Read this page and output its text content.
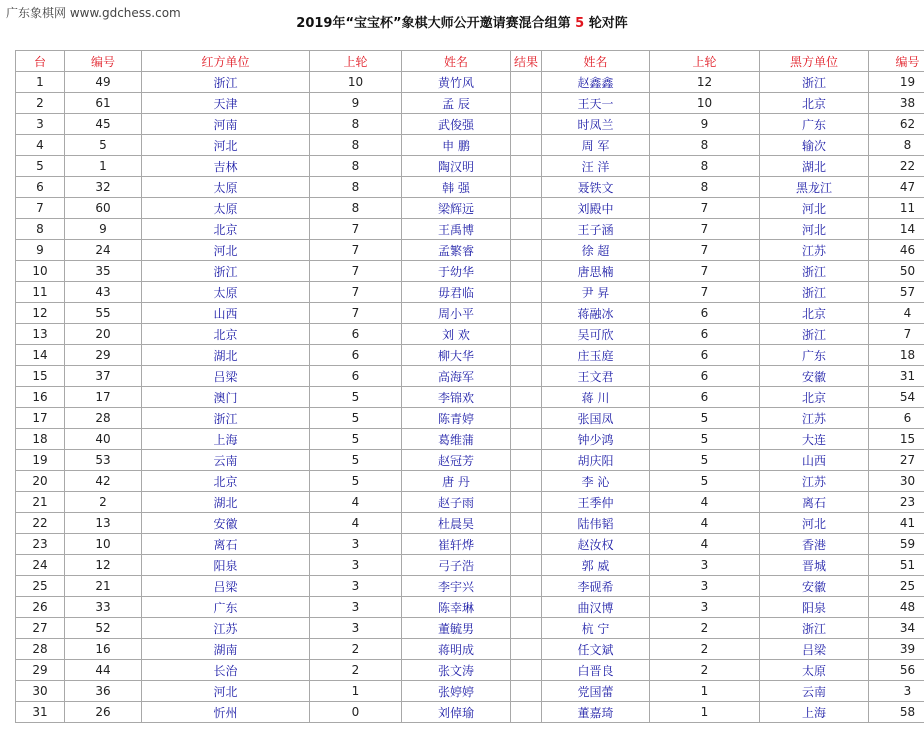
广东象棋网 www.gdchess.com
2019年“宝宝杯”象棋大师公开邀请赛混合组第 5 轮对阵
台	编号	红方单位	上轮	姓名	结果	姓名	上轮	黑方单位	编号
1	49	浙江	10	黄竹风		赵鑫鑫	12	浙江	19
2	61	天津	9	孟 辰		王天一	10	北京	38
3	45	河南	8	武俊强		时凤兰	9	广东	62
4	5	河北	8	申 鹏		周 军	8	输次	8
5	1	吉林	8	陶汉明		汪 洋	8	湖北	22
6	32	太原	8	韩 强		聂铁文	8	黑龙江	47
7	60	太原	8	梁辉远		刘殿中	7	河北	11
8	9	北京	7	王禹博		王子涵	7	河北	14
9	24	河北	7	孟繁睿		徐 超	7	江苏	46
10	35	浙江	7	于幼华		唐思楠	7	浙江	50
11	43	太原	7	毋君临		尹 昇	7	浙江	57
12	55	山西	7	周小平		蒋融冰	6	北京	4
13	20	北京	6	刘 欢		吴可欣	6	浙江	7
14	29	湖北	6	柳大华		庄玉庭	6	广东	18
15	37	吕梁	6	高海军		王文君	6	安徽	31
16	17	澳门	5	李锦欢		蒋 川	6	北京	54
17	28	浙江	5	陈青婷		张国凤	5	江苏	6
18	40	上海	5	葛维蒲		钟少鸿	5	大连	15
19	53	云南	5	赵冠芳		胡庆阳	5	山西	27
20	42	北京	5	唐 丹		李 沁	5	江苏	30
21	2	湖北	4	赵子雨		王季仲	4	离石	23
22	13	安徽	4	杜晨昊		陆伟韬	4	河北	41
23	10	离石	3	崔轩烨		赵汝权	4	香港	59
24	12	阳泉	3	弓子浩		郭 威	3	晋城	51
25	21	吕梁	3	李宇兴		李砚希	3	安徽	25
26	33	广东	3	陈幸琳		曲汉博	3	阳泉	48
27	52	江苏	3	董毓男		杭 宁	2	浙江	34
28	16	湖南	2	蒋明成		任文斌	2	吕梁	39
29	44	长治	2	张文涛		白晋良	2	太原	56
30	36	河北	1	张婷婷		党国蕾	1	云南	3
31	26	忻州	0	刘倬瑜		董嘉琦	1	上海	58
